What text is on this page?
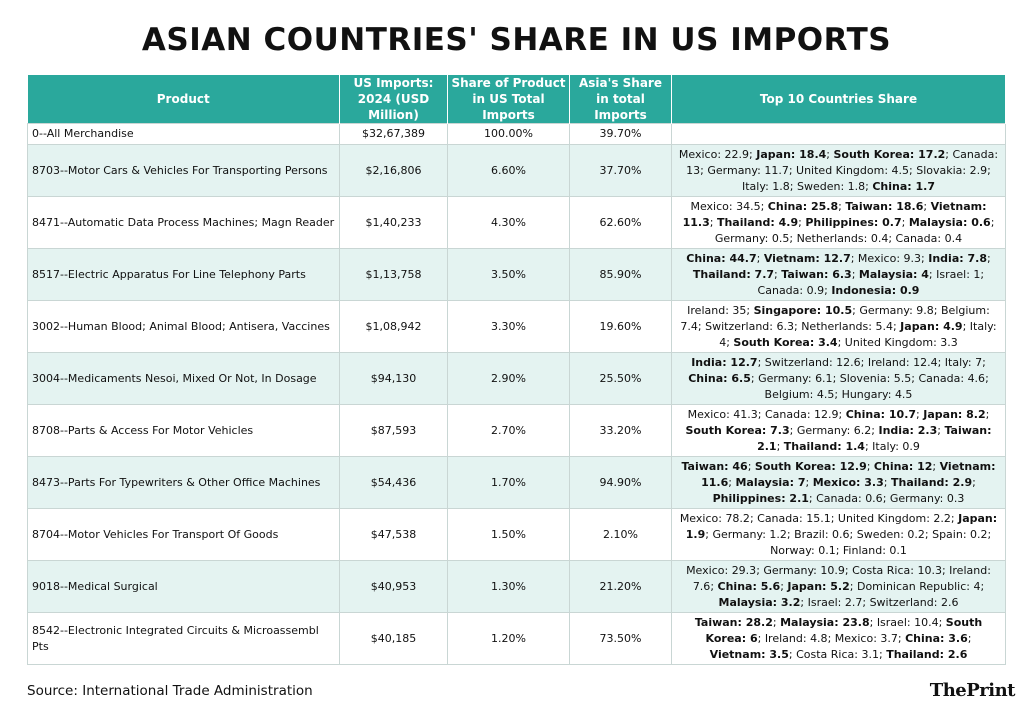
ASIAN COUNTRIES' SHARE IN US IMPORTS
Product	US Imports: 2024 (USD Million)	Share of Product in US Total Imports	Asia's Share in total Imports	Top 10 Countries Share
0--All Merchandise	$32,67,389	100.00%	39.70%	
8703--Motor Cars & Vehicles For Transporting Persons	$2,16,806	6.60%	37.70%	Mexico: 22.9; Japan: 18.4; South Korea: 17.2; Canada: 13; Germany: 11.7; United Kingdom: 4.5; Slovakia: 2.9; Italy: 1.8; Sweden: 1.8; China: 1.7
8471--Automatic Data Process Machines; Magn Reader	$1,40,233	4.30%	62.60%	Mexico: 34.5; China: 25.8; Taiwan: 18.6; Vietnam: 11.3; Thailand: 4.9; Philippines: 0.7; Malaysia: 0.6; Germany: 0.5; Netherlands: 0.4; Canada: 0.4
8517--Electric Apparatus For Line Telephony Parts	$1,13,758	3.50%	85.90%	China: 44.7; Vietnam: 12.7; Mexico: 9.3; India: 7.8; Thailand: 7.7; Taiwan: 6.3; Malaysia: 4; Israel: 1; Canada: 0.9; Indonesia: 0.9
3002--Human Blood; Animal Blood; Antisera, Vaccines	$1,08,942	3.30%	19.60%	Ireland: 35; Singapore: 10.5; Germany: 9.8; Belgium: 7.4; Switzerland: 6.3; Netherlands: 5.4; Japan: 4.9; Italy: 4; South Korea: 3.4; United Kingdom: 3.3
3004--Medicaments Nesoi, Mixed Or Not, In Dosage	$94,130	2.90%	25.50%	India: 12.7; Switzerland: 12.6; Ireland: 12.4; Italy: 7; China: 6.5; Germany: 6.1; Slovenia: 5.5; Canada: 4.6; Belgium: 4.5; Hungary: 4.5
8708--Parts & Access For Motor Vehicles	$87,593	2.70%	33.20%	Mexico: 41.3; Canada: 12.9; China: 10.7; Japan: 8.2; South Korea: 7.3; Germany: 6.2; India: 2.3; Taiwan: 2.1; Thailand: 1.4; Italy: 0.9
8473--Parts For Typewriters & Other Office Machines	$54,436	1.70%	94.90%	Taiwan: 46; South Korea: 12.9; China: 12; Vietnam: 11.6; Malaysia: 7; Mexico: 3.3; Thailand: 2.9; Philippines: 2.1; Canada: 0.6; Germany: 0.3
8704--Motor Vehicles For Transport Of Goods	$47,538	1.50%	2.10%	Mexico: 78.2; Canada: 15.1; United Kingdom: 2.2; Japan: 1.9; Germany: 1.2; Brazil: 0.6; Sweden: 0.2; Spain: 0.2; Norway: 0.1; Finland: 0.1
9018--Medical Surgical	$40,953	1.30%	21.20%	Mexico: 29.3; Germany: 10.9; Costa Rica: 10.3; Ireland: 7.6; China: 5.6; Japan: 5.2; Dominican Republic: 4; Malaysia: 3.2; Israel: 2.7; Switzerland: 2.6
8542--Electronic Integrated Circuits & Microassembl Pts	$40,185	1.20%	73.50%	Taiwan: 28.2; Malaysia: 23.8; Israel: 10.4; South Korea: 6; Ireland: 4.8; Mexico: 3.7; China: 3.6; Vietnam: 3.5; Costa Rica: 3.1; Thailand: 2.6
Source: International Trade Administration	ThePrint
